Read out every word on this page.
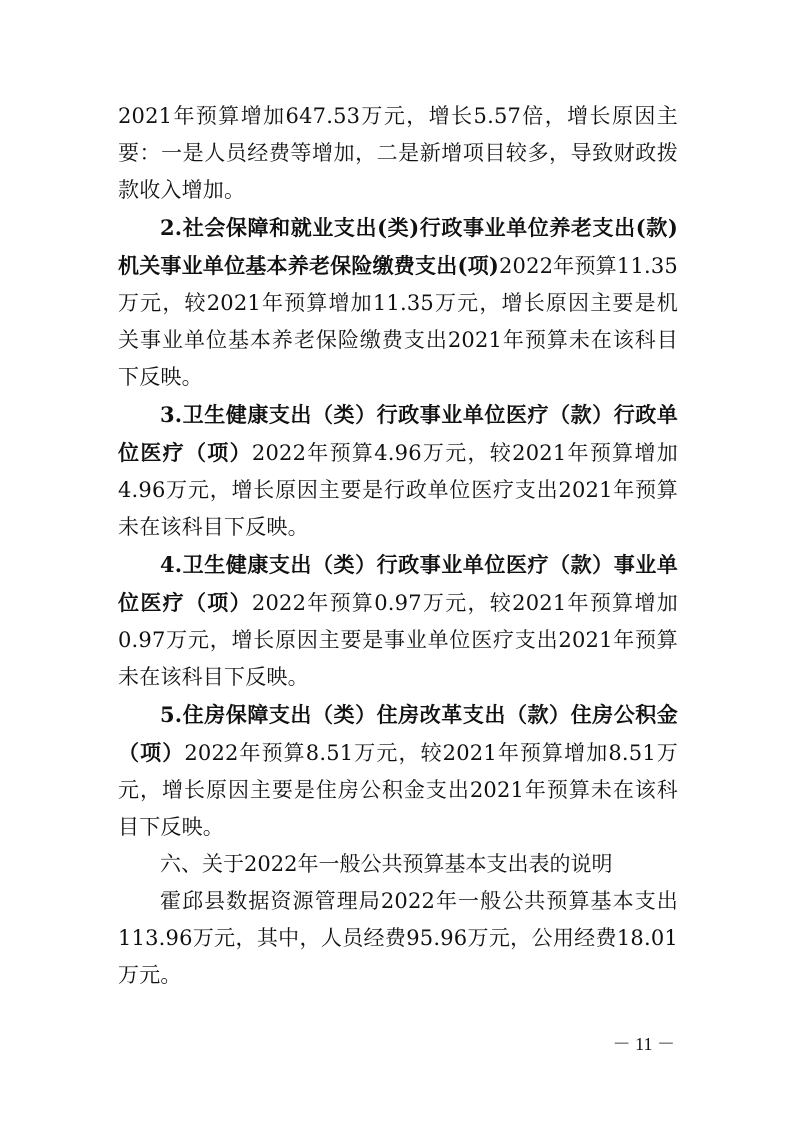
2021年预算增加647.53万元，增长5.57倍，增长原因主要：一是人员经费等增加，二是新增项目较多，导致财政拨款收入增加。

2.社会保障和就业支出(类)行政事业单位养老支出(款)机关事业单位基本养老保险缴费支出(项)2022年预算11.35万元，较2021年预算增加11.35万元，增长原因主要是机关事业单位基本养老保险缴费支出2021年预算未在该科目下反映。

3.卫生健康支出（类）行政事业单位医疗（款）行政单位医疗（项）2022年预算4.96万元，较2021年预算增加4.96万元，增长原因主要是行政单位医疗支出2021年预算未在该科目下反映。

4.卫生健康支出（类）行政事业单位医疗（款）事业单位医疗（项）2022年预算0.97万元，较2021年预算增加0.97万元，增长原因主要是事业单位医疗支出2021年预算未在该科目下反映。

5.住房保障支出（类）住房改革支出（款）住房公积金（项）2022年预算8.51万元，较2021年预算增加8.51万元，增长原因主要是住房公积金支出2021年预算未在该科目下反映。

六、关于2022年一般公共预算基本支出表的说明

霍邱县数据资源管理局2022年一般公共预算基本支出113.96万元，其中，人员经费95.96万元，公用经费18.01万元。

－ 11 －
